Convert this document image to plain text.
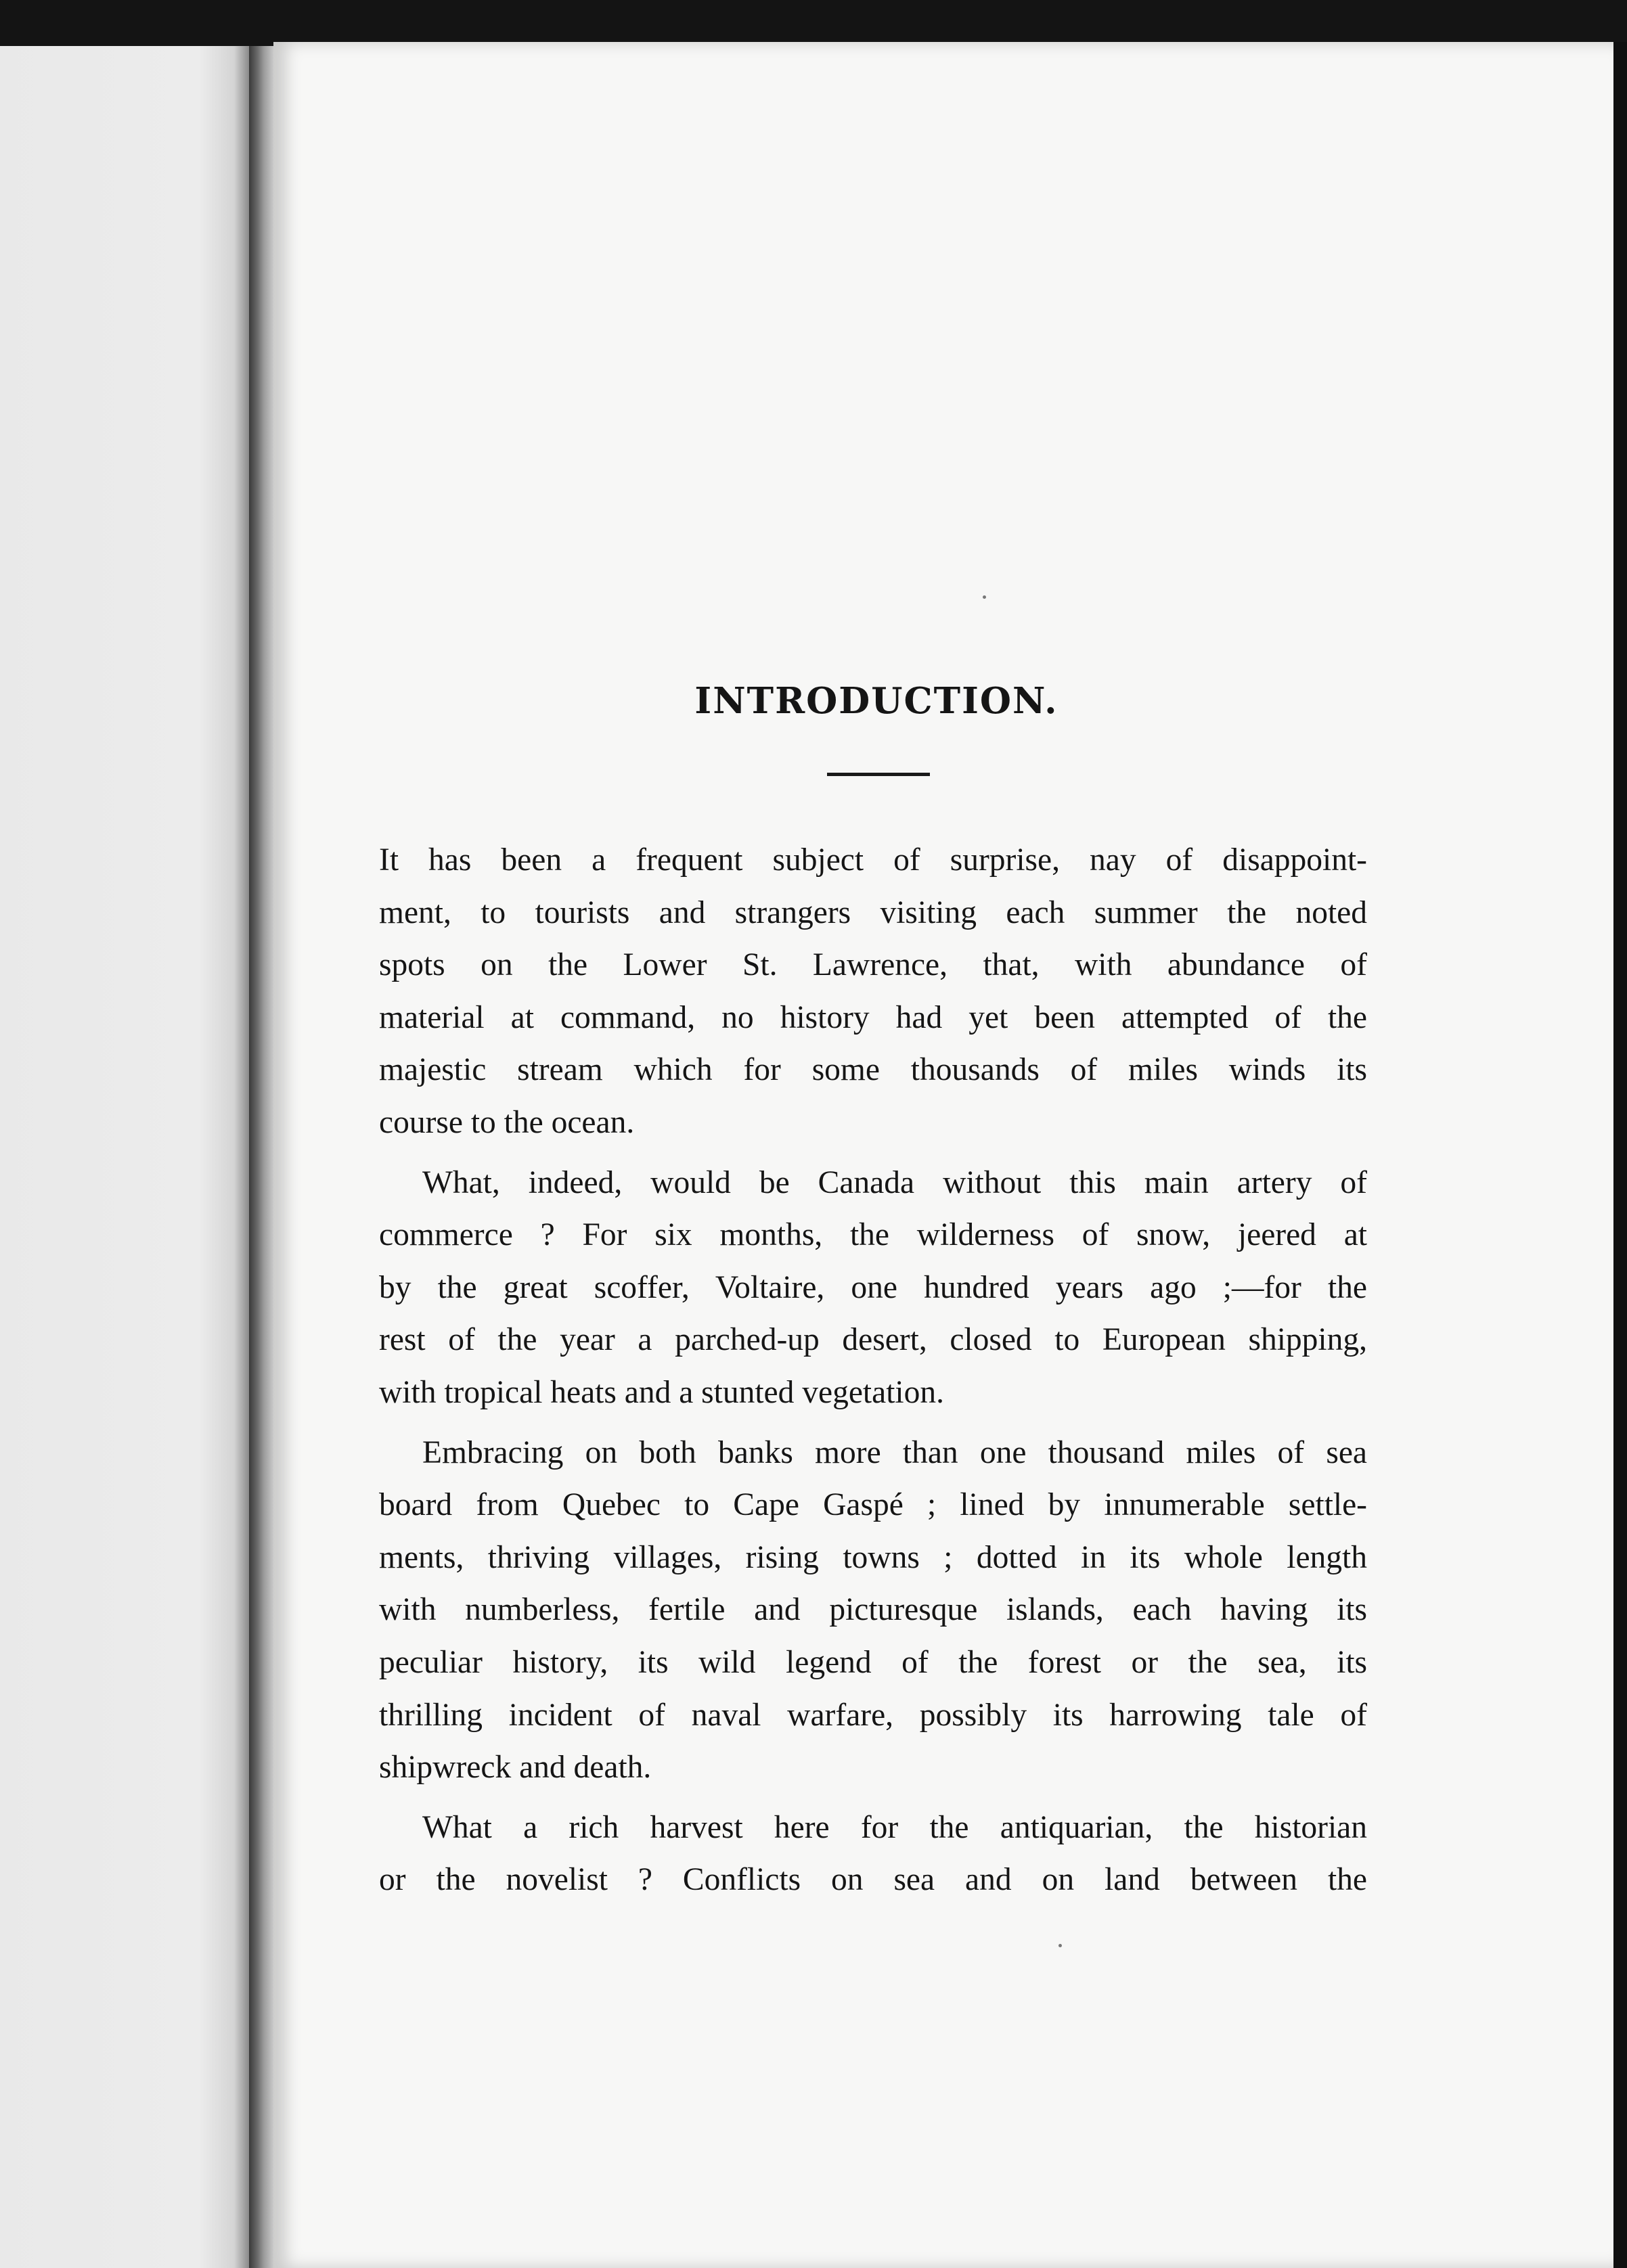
INTRODUCTION.
It has been a frequent subject of surprise, nay of disappoint-
ment, to tourists and strangers visiting each summer the noted
spots on the Lower St. Lawrence, that, with abundance of
material at command, no history had yet been attempted of the
majestic stream which for some thousands of miles winds its
course to the ocean.
What, indeed, would be Canada without this main artery of
commerce ? For six months, the wilderness of snow, jeered at
by the great scoffer, Voltaire, one hundred years ago ;—for the
rest of the year a parched-up desert, closed to European shipping,
with tropical heats and a stunted vegetation.
Embracing on both banks more than one thousand miles of sea
board from Quebec to Cape Gaspé ; lined by innumerable settle-
ments, thriving villages, rising towns ; dotted in its whole length
with numberless, fertile and picturesque islands, each having its
peculiar history, its wild legend of the forest or the sea, its
thrilling incident of naval warfare, possibly its harrowing tale of
shipwreck and death.
What a rich harvest here for the antiquarian, the historian
or the novelist ? Conflicts on sea and on land between the
